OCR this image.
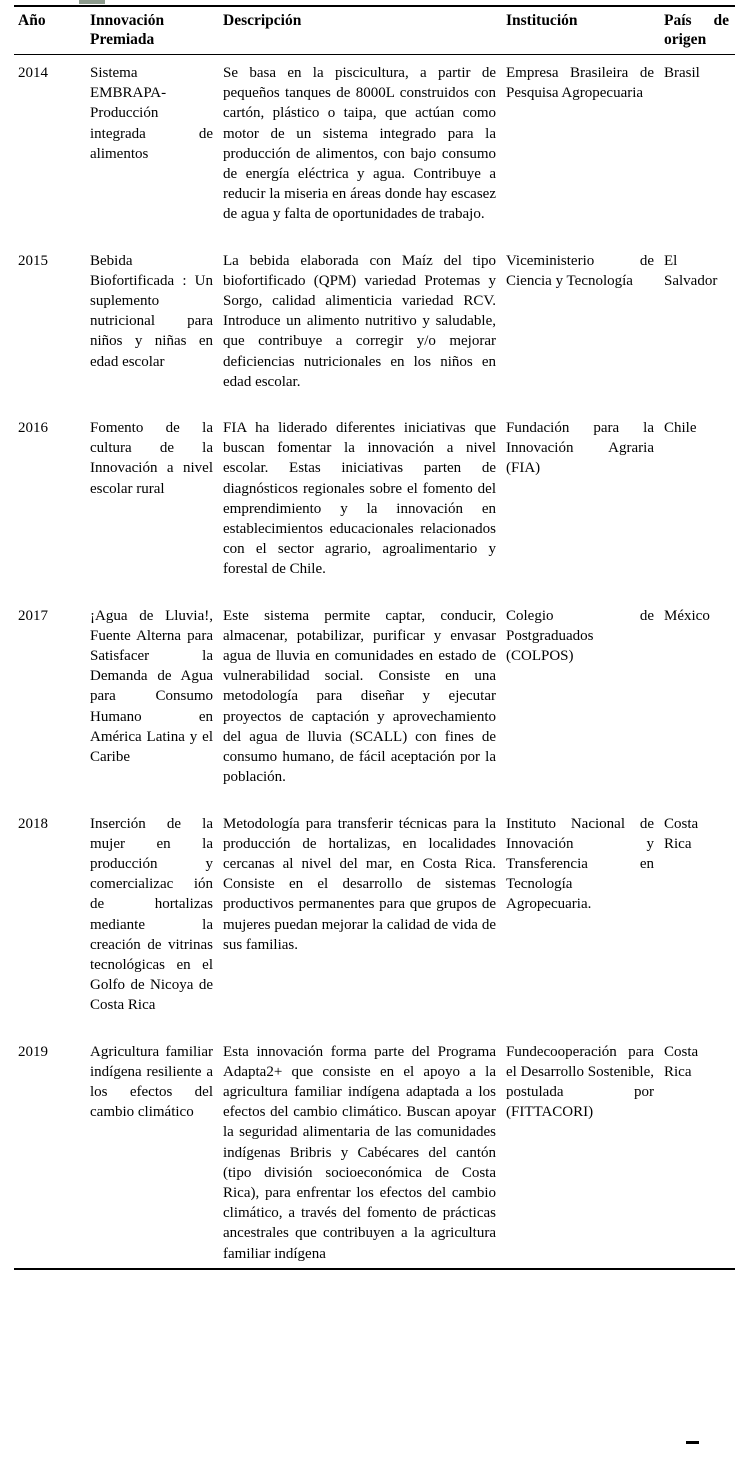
Año	Innovación Premiada	Descripción	Institución	País de origen
2014	Sistema EMBRAPA-Producción integrada de alimentos	Se basa en la piscicultura, a partir de pequeños tanques de 8000L construidos con cartón, plástico o taipa, que actúan como motor de un sistema integrado para la producción de alimentos, con bajo consumo de energía eléctrica y agua. Contribuye a reducir la miseria en áreas donde hay escasez de agua y falta de oportunidades de trabajo.	Empresa Brasileira de Pesquisa Agropecuaria	Brasil
2015	Bebida Biofortificada : Un suplemento nutricional para niños y niñas en edad escolar	La bebida elaborada con Maíz del tipo biofortificado (QPM) variedad Protemas y Sorgo, calidad alimenticia variedad RCV. Introduce un alimento nutritivo y saludable, que contribuye a corregir y/o mejorar deficiencias nutricionales en los niños en edad escolar.	Viceministerio de Ciencia y Tecnología	El Salvador
2016	Fomento de la cultura de la Innovación a nivel escolar rural	FIA ha liderado diferentes iniciativas que buscan fomentar la innovación a nivel escolar. Estas iniciativas parten de diagnósticos regionales sobre el fomento del emprendimiento y la innovación en establecimientos educacionales relacionados con el sector agrario, agroalimentario y forestal de Chile.	Fundación para la Innovación Agraria (FIA)	Chile
2017	¡Agua de Lluvia!, Fuente Alterna para Satisfacer la Demanda de Agua para Consumo Humano en América Latina y el Caribe	Este sistema permite captar, conducir, almacenar, potabilizar, purificar y envasar agua de lluvia en comunidades en estado de vulnerabilidad social. Consiste en una metodología para diseñar y ejecutar proyectos de captación y aprovechamiento del agua de lluvia (SCALL) con fines de consumo humano, de fácil aceptación por la población.	Colegio de Postgraduados (COLPOS)	México
2018	Inserción de la mujer en la producción y comercializac ión de hortalizas mediante la creación de vitrinas tecnológicas en el Golfo de Nicoya de Costa Rica	Metodología para transferir técnicas para la producción de hortalizas, en localidades cercanas al nivel del mar, en Costa Rica. Consiste en el desarrollo de sistemas productivos permanentes para que grupos de mujeres puedan mejorar la calidad de vida de sus familias.	Instituto Nacional de Innovación y Transferencia en Tecnología Agropecuaria.	Costa Rica
2019	Agricultura familiar indígena resiliente a los efectos del cambio climático	Esta innovación forma parte del Programa Adapta2+ que consiste en el apoyo a la agricultura familiar indígena adaptada a los efectos del cambio climático. Buscan apoyar la seguridad alimentaria de las comunidades indígenas Bribris y Cabécares del cantón (tipo división socioeconómica de Costa Rica), para enfrentar los efectos del cambio climático, a través del fomento de prácticas ancestrales que contribuyen a la agricultura familiar indígena	Fundecooperación para el Desarrollo Sostenible, postulada por (FITTACORI)	Costa Rica
